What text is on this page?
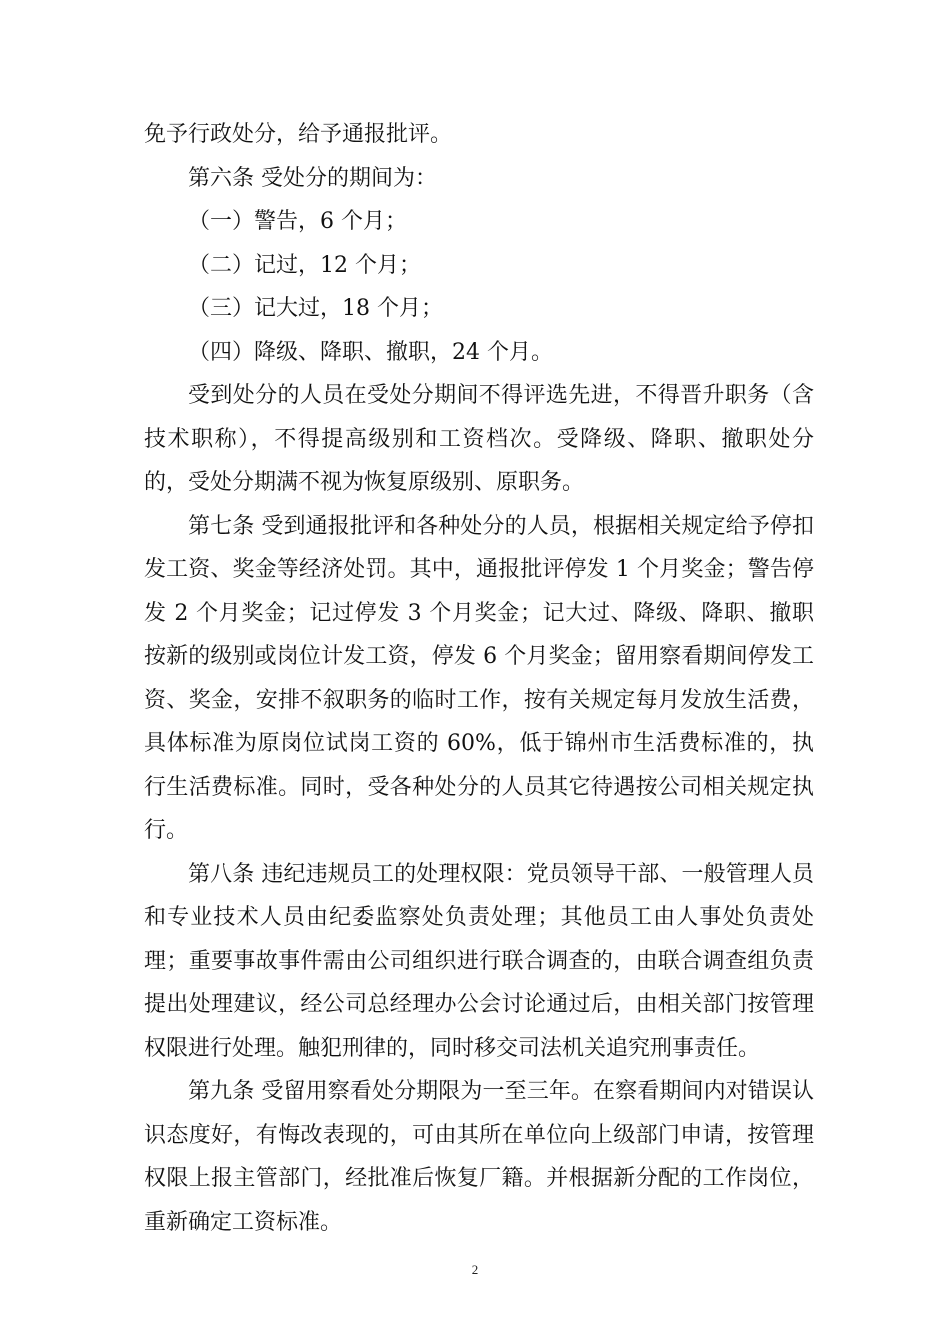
免予行政处分，给予通报批评。

第六条 受处分的期间为：

（一）警告，6 个月；

（二）记过，12 个月；

（三）记大过，18 个月；

（四）降级、降职、撤职，24 个月。

受到处分的人员在受处分期间不得评选先进，不得晋升职务（含技术职称），不得提高级别和工资档次。受降级、降职、撤职处分的，受处分期满不视为恢复原级别、原职务。

第七条 受到通报批评和各种处分的人员，根据相关规定给予停扣发工资、奖金等经济处罚。其中，通报批评停发 1 个月奖金；警告停发 2 个月奖金；记过停发 3 个月奖金；记大过、降级、降职、撤职按新的级别或岗位计发工资，停发 6 个月奖金；留用察看期间停发工资、奖金，安排不叙职务的临时工作，按有关规定每月发放生活费，具体标准为原岗位试岗工资的 60%，低于锦州市生活费标准的，执行生活费标准。同时，受各种处分的人员其它待遇按公司相关规定执行。

第八条 违纪违规员工的处理权限：党员领导干部、一般管理人员和专业技术人员由纪委监察处负责处理；其他员工由人事处负责处理；重要事故事件需由公司组织进行联合调查的，由联合调查组负责提出处理建议，经公司总经理办公会讨论通过后，由相关部门按管理权限进行处理。触犯刑律的，同时移交司法机关追究刑事责任。

第九条 受留用察看处分期限为一至三年。在察看期间内对错误认识态度好，有悔改表现的，可由其所在单位向上级部门申请，按管理权限上报主管部门，经批准后恢复厂籍。并根据新分配的工作岗位，重新确定工资标准。

2
